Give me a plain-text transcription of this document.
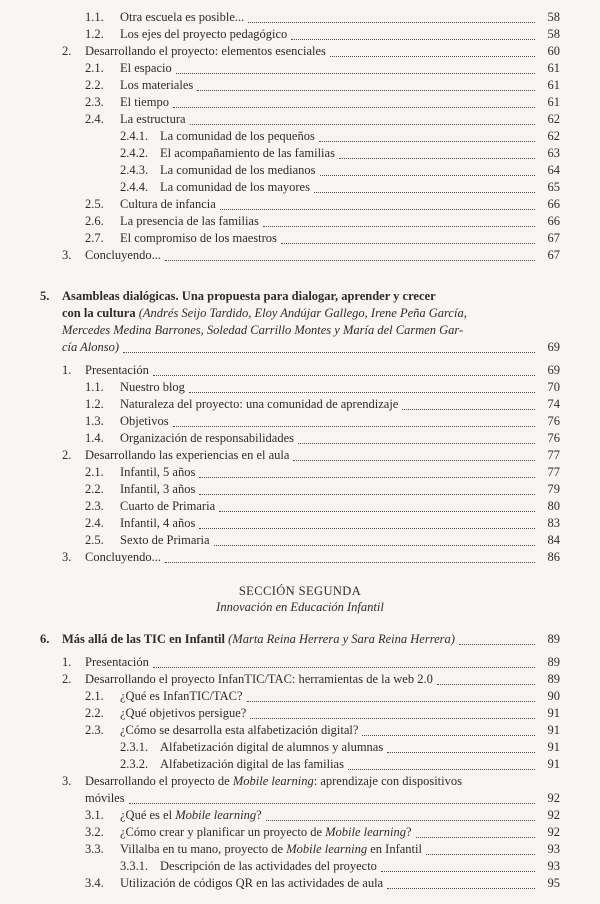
1.1.	Otra escuela es posible...	58
1.2.	Los ejes del proyecto pedagógico	58
2.	Desarrollando el proyecto: elementos esenciales	60
2.1.	El espacio	61
2.2.	Los materiales	61
2.3.	El tiempo	61
2.4.	La estructura	62
2.4.1. La comunidad de los pequeños	62
2.4.2. El acompañamiento de las familias	63
2.4.3. La comunidad de los medianos	64
2.4.4. La comunidad de los mayores	65
2.5.	Cultura de infancia	66
2.6.	La presencia de las familias	66
2.7.	El compromiso de los maestros	67
3.	Concluyendo...	67
5.	Asambleas dialógicas. Una propuesta para dialogar, aprender y crecer
con la cultura (Andrés Seijo Tardido, Eloy Andújar Gallego, Irene Peña García,
Mercedes Medina Barrones, Soledad Carrillo Montes y María del Carmen Gar-
cía Alonso)	69
1.	Presentación	69
1.1.	Nuestro blog	70
1.2.	Naturaleza del proyecto: una comunidad de aprendizaje	74
1.3.	Objetivos	76
1.4.	Organización de responsabilidades	76
2.	Desarrollando las experiencias en el aula	77
2.1.	Infantil, 5 años	77
2.2.	Infantil, 3 años	79
2.3.	Cuarto de Primaria	80
2.4.	Infantil, 4 años	83
2.5.	Sexto de Primaria	84
3.	Concluyendo...	86
SECCIÓN SEGUNDA
Innovación en Educación Infantil
6.	Más allá de las TIC en Infantil (Marta Reina Herrera y Sara Reina Herrera)	89
1.	Presentación	89
2.	Desarrollando el proyecto InfanTIC/TAC: herramientas de la web 2.0	89
2.1.	¿Qué es InfanTIC/TAC?	90
2.2.	¿Qué objetivos persigue?	91
2.3.	¿Cómo se desarrolla esta alfabetización digital?	91
2.3.1. Alfabetización digital de alumnos y alumnas	91
2.3.2. Alfabetización digital de las familias	91
3.	Desarrollando el proyecto de Mobile learning: aprendizaje con dispositivos
móviles	92
3.1.	¿Qué es el Mobile learning?	92
3.2.	¿Cómo crear y planificar un proyecto de Mobile learning?	92
3.3.	Villalba en tu mano, proyecto de Mobile learning en Infantil	93
3.3.1. Descripción de las actividades del proyecto	93
3.4.	Utilización de códigos QR en las actividades de aula	95
